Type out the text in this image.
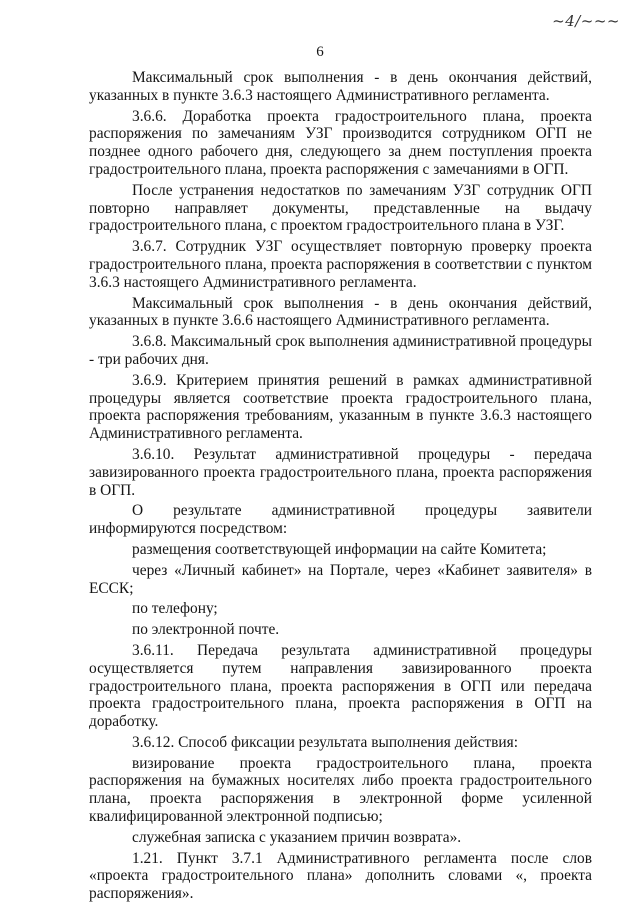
~4/~~~
6

Максимальный срок выполнения - в день окончания действий, указанных в пункте 3.6.3 настоящего Административного регламента.

3.6.6. Доработка проекта градостроительного плана, проекта распоряжения по замечаниям УЗГ производится сотрудником ОГП не позднее одного рабочего дня, следующего за днем поступления проекта градостроительного плана, проекта распоряжения с замечаниями в ОГП.

После устранения недостатков по замечаниям УЗГ сотрудник ОГП повторно направляет документы, представленные на выдачу градостроительного плана, с проектом градостроительного плана в УЗГ.

3.6.7. Сотрудник УЗГ осуществляет повторную проверку проекта градостроительного плана, проекта распоряжения в соответствии с пунктом 3.6.3 настоящего Административного регламента.

Максимальный срок выполнения - в день окончания действий, указанных в пункте 3.6.6 настоящего Административного регламента.

3.6.8. Максимальный срок выполнения административной процедуры - три рабочих дня.

3.6.9. Критерием принятия решений в рамках административной процедуры является соответствие проекта градостроительного плана, проекта распоряжения требованиям, указанным в пункте 3.6.3 настоящего Административного регламента.

3.6.10. Результат административной процедуры - передача завизированного проекта градостроительного плана, проекта распоряжения в ОГП.

О результате административной процедуры заявители информируются посредством:

размещения соответствующей информации на сайте Комитета;

через «Личный кабинет» на Портале, через «Кабинет заявителя» в ЕССК;

по телефону;

по электронной почте.

3.6.11. Передача результата административной процедуры осуществляется путем направления завизированного проекта градостроительного плана, проекта распоряжения в ОГП или передача проекта градостроительного плана, проекта распоряжения в ОГП на доработку.

3.6.12. Способ фиксации результата выполнения действия:

визирование проекта градостроительного плана, проекта распоряжения на бумажных носителях либо проекта градостроительного плана, проекта распоряжения в электронной форме усиленной квалифицированной электронной подписью;

служебная записка с указанием причин возврата».

1.21. Пункт 3.7.1 Административного регламента после слов «проекта градостроительного плана» дополнить словами «, проекта распоряжения».
